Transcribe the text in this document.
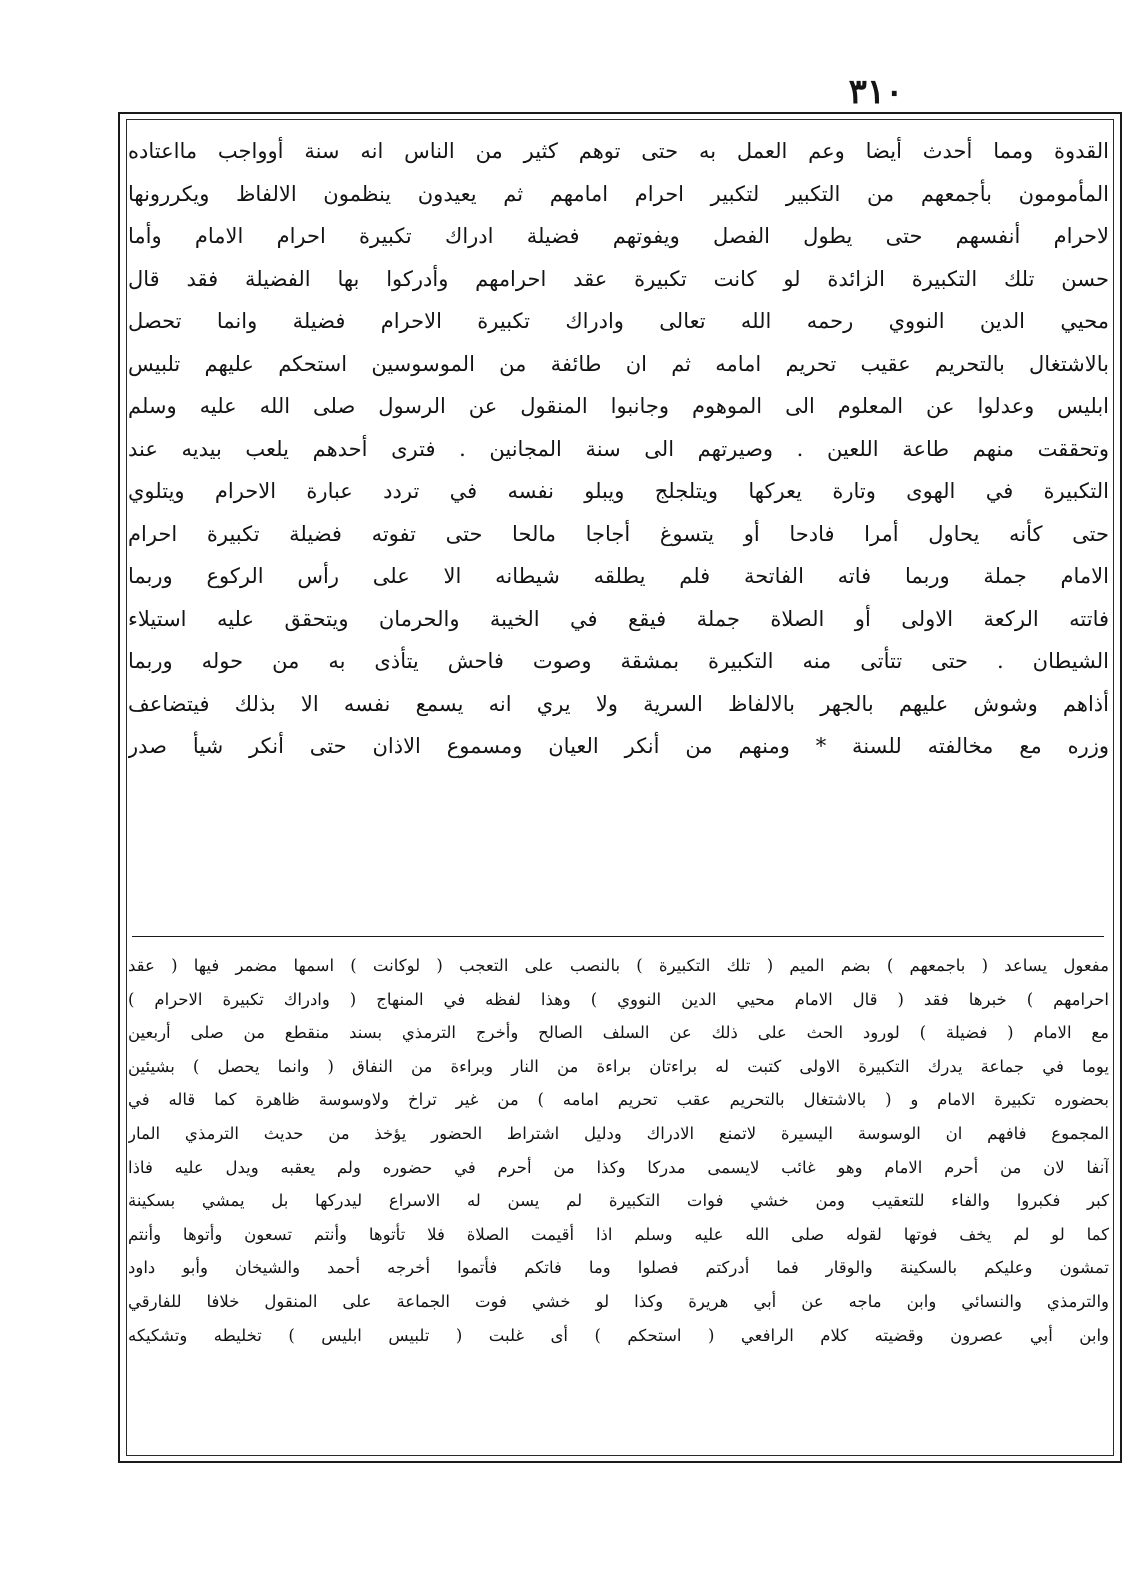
٣١٠
القدوة ومما أحدث أيضا وعم العمل به حتى توهم كثير من الناس انه سنة أوواجب مااعتاده
المأمومون بأجمعهم من التكبير لتكبير احرام امامهم ثم يعيدون ينظمون الالفاظ ويكررونها
لاحرام أنفسهم حتى يطول الفصل ويفوتهم فضيلة ادراك تكبيرة احرام الامام وأما
حسن تلك التكبيرة الزائدة لو كانت تكبيرة عقد احرامهم وأدركوا بها الفضيلة فقد قال
محيي الدين النووي رحمه الله تعالى وادراك تكبيرة الاحرام فضيلة وانما تحصل
بالاشتغال بالتحريم عقيب تحريم امامه ثم ان طائفة من الموسوسين استحكم عليهم تلبيس
ابليس وعدلوا عن المعلوم الى الموهوم وجانبوا المنقول عن الرسول صلى الله عليه وسلم
وتحققت منهم طاعة اللعين . وصيرتهم الى سنة المجانين . فترى أحدهم يلعب بيديه عند
التكبيرة في الهوى وتارة يعركها ويتلجلج ويبلو نفسه في تردد عبارة الاحرام ويتلوي
حتى كأنه يحاول أمرا فادحا أو يتسوغ أجاجا مالحا حتى تفوته فضيلة تكبيرة احرام
الامام جملة وربما فاته الفاتحة فلم يطلقه شيطانه الا على رأس الركوع وربما
فاتته الركعة الاولى أو الصلاة جملة فيقع في الخيبة والحرمان ويتحقق عليه استيلاء
الشيطان . حتى تتأتى منه التكبيرة بمشقة وصوت فاحش يتأذى به من حوله وربما
أذاهم وشوش عليهم بالجهر بالالفاظ السرية ولا يري انه يسمع نفسه الا بذلك فيتضاعف
وزره مع مخالفته للسنة * ومنهم من أنكر العيان ومسموع الاذان حتى أنكر شيأ صدر
مفعول يساعد ( باجمعهم ) بضم الميم ( تلك التكبيرة ) بالنصب على التعجب ( لوكانت ) اسمها مضمر فيها ( عقد
احرامهم ) خبرها فقد ( قال الامام محيي الدين النووي ) وهذا لفظه في المنهاج ( وادراك تكبيرة الاحرام )
مع الامام ( فضيلة ) لورود الحث على ذلك عن السلف الصالح وأخرج الترمذي بسند منقطع من صلى أربعين
يوما في جماعة يدرك التكبيرة الاولى كتبت له براءتان براءة من النار وبراءة من النفاق ( وانما يحصل ) بشيئين
بحضوره تكبيرة الامام و ( بالاشتغال بالتحريم عقب تحريم امامه ) من غير تراخ ولاوسوسة ظاهرة كما قاله في
المجموع فافهم ان الوسوسة اليسيرة لاتمنع الادراك ودليل اشتراط الحضور يؤخذ من حديث الترمذي المار
آنفا لان من أحرم الامام وهو غائب لايسمى مدركا وكذا من أحرم في حضوره ولم يعقبه ويدل عليه فاذا
كبر فكبروا والفاء للتعقيب ومن خشي فوات التكبيرة لم يسن له الاسراع ليدركها بل يمشي بسكينة
كما لو لم يخف فوتها لقوله صلى الله عليه وسلم اذا أقيمت الصلاة فلا تأتوها وأنتم تسعون وأتوها وأنتم
تمشون وعليكم بالسكينة والوقار فما أدركتم فصلوا وما فاتكم فأتموا أخرجه أحمد والشيخان وأبو داود
والترمذي والنسائي وابن ماجه عن أبي هريرة وكذا لو خشي فوت الجماعة على المنقول خلافا للفارقي
وابن أبي عصرون وقضيته كلام الرافعي ( استحكم ) أى غلبت ( تلبيس ابليس ) تخليطه وتشكيكه
